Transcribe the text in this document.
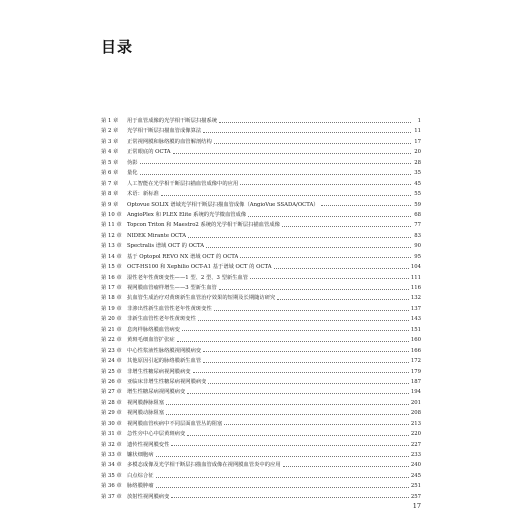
目录
第 1 章	用于血管成像的光学相干断层扫描系统	1
第 2 章	光学相干断层扫描血管成像算法	11
第 3 章	正常视网膜和脉络膜的血管解剖结构	17
第 4 章	正常眼底的 OCTA	20
第 5 章	伪影	28
第 6 章	量化	35
第 7 章	人工智能在光学相干断层扫描血管成像中的应用	45
第 8 章	术语：新标准	55
第 9 章	Optovue SOLIX 谱域光学相干断层扫描血管成像（AngioVue SSADA/OCTA）	59
第 10 章 AngioPlex 和 PLEX Elite 系统的光学微血管成像	68
第 11 章 Topcon Triton 和 Maestro2 系统的光学相干断层扫描血管成像	77
第 12 章 NIDEK Mirante OCTA	83
第 13 章 Spectralis 谱域 OCT 的 OCTA	90
第 14 章 基于 Optopol REVO NX 谱域 OCT 的 OCTA	95
第 15 章 OCT-HS100 和 Xephilio OCT-A1 基于谱域 OCT 的 OCTA	104
第 16 章 湿性老年性黄斑变性——1 型、2 型、3 型新生血管	111
第 17 章 视网膜血管瘤样增生——3 型新生血管	116
第 18 章 抗血管生成治疗对黄斑新生血管治疗效果的短期及长期随访研究	132
第 19 章 非渗出性新生血管性老年性黄斑变性	137
第 20 章 非新生血管性老年性黄斑变性	143
第 21 章 息肉样脉络膜血管病变	151
第 22 章 黄斑毛细血管扩张症	160
第 23 章 中心性浆液性脉络膜视网膜病变	166
第 24 章 其他原因引起的脉络膜新生血管	172
第 25 章 非增生性糖尿病视网膜病变	179
第 26 章 亚临床非增生性糖尿病视网膜病变	187
第 27 章 增生性糖尿病视网膜病变	194
第 28 章 视网膜静脉阻塞	201
第 29 章 视网膜动脉阻塞	208
第 30 章 视网膜血管疾病中不同层面血管丛的阻塞	213
第 31 章 急性旁中心中层黄斑病变	220
第 32 章 遗传性视网膜变性	227
第 33 章 镰状细胞病	233
第 34 章 多模态成像及光学相干断层扫描血管成像在视网膜血管炎中的应用	240
第 35 章 白点综合征	245
第 36 章 脉络膜肿瘤	251
第 37 章 放射性视网膜病变	257
17
